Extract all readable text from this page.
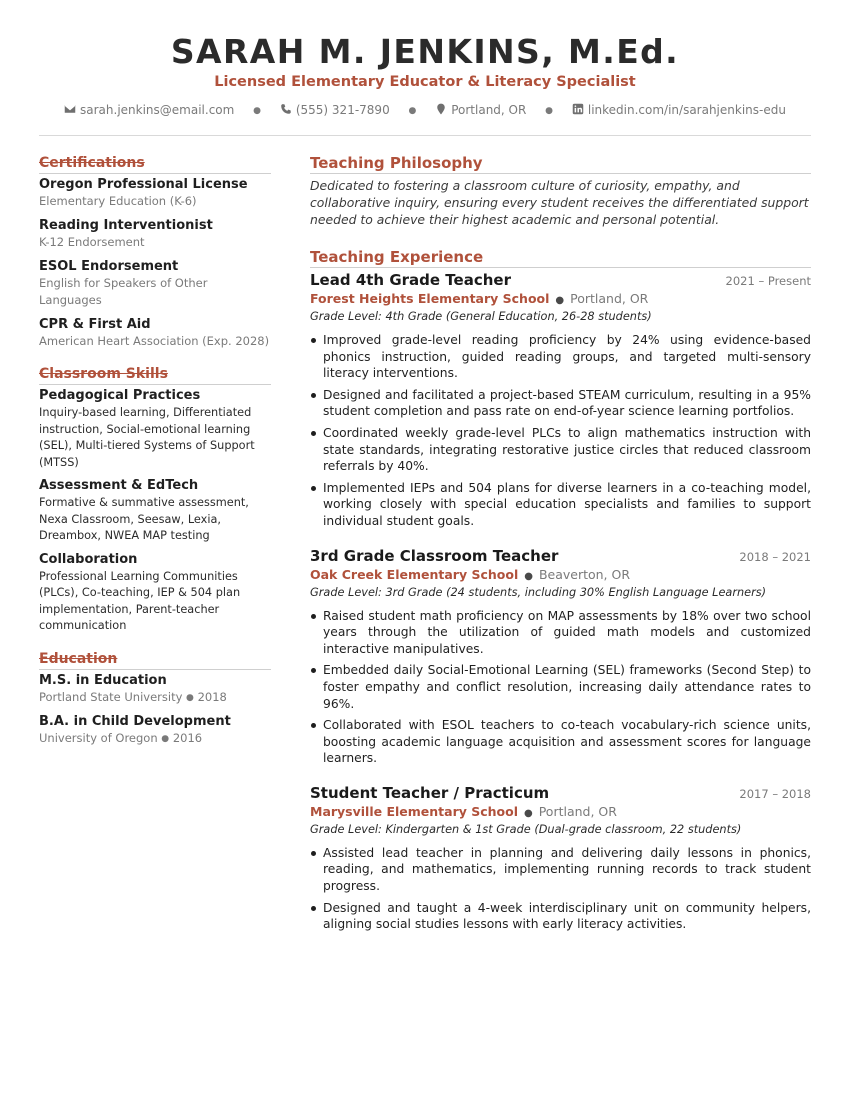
SARAH M. JENKINS, M.Ed.
Licensed Elementary Educator & Literacy Specialist
sarah.jenkins@email.com ●	(555) 321-7890 ●	Portland, OR ●	linkedin.com/in/sarahjenkins-edu
Certifications
Oregon Professional License
Elementary Education (K-6)
Reading Interventionist
K-12 Endorsement
ESOL Endorsement
English for Speakers of Other Languages
CPR & First Aid
American Heart Association (Exp. 2028)
Classroom Skills
Pedagogical Practices
Inquiry-based learning, Differentiated instruction, Social-emotional learning (SEL), Multi-tiered Systems of Support (MTSS)
Assessment & EdTech
Formative & summative assessment, Nexa Classroom, Seesaw, Lexia, Dreambox, NWEA MAP testing
Collaboration
Professional Learning Communities (PLCs), Co-teaching, IEP & 504 plan implementation, Parent-teacher communication
Education
M.S. in Education
Portland State University ● 2018
B.A. in Child Development
University of Oregon ● 2016
Teaching Philosophy
Dedicated to fostering a classroom culture of curiosity, empathy, and collaborative inquiry, ensuring every student receives the differentiated support needed to achieve their highest academic and personal potential.
Teaching Experience
Lead 4th Grade Teacher	2021 – Present
Forest Heights Elementary School ● Portland, OR
Grade Level: 4th Grade (General Education, 26-28 students)
Improved grade-level reading proficiency by 24% using evidence-based phonics instruction, guided reading groups, and targeted multi-sensory literacy interventions.
Designed and facilitated a project-based STEAM curriculum, resulting in a 95% student completion and pass rate on end-of-year science learning portfolios.
Coordinated weekly grade-level PLCs to align mathematics instruction with state standards, integrating restorative justice circles that reduced classroom referrals by 40%.
Implemented IEPs and 504 plans for diverse learners in a co-teaching model, working closely with special education specialists and families to support individual student goals.
3rd Grade Classroom Teacher	2018 – 2021
Oak Creek Elementary School ● Beaverton, OR
Grade Level: 3rd Grade (24 students, including 30% English Language Learners)
Raised student math proficiency on MAP assessments by 18% over two school years through the utilization of guided math models and customized interactive manipulatives.
Embedded daily Social-Emotional Learning (SEL) frameworks (Second Step) to foster empathy and conflict resolution, increasing daily attendance rates to 96%.
Collaborated with ESOL teachers to co-teach vocabulary-rich science units, boosting academic language acquisition and assessment scores for language learners.
Student Teacher / Practicum	2017 – 2018
Marysville Elementary School ● Portland, OR
Grade Level: Kindergarten & 1st Grade (Dual-grade classroom, 22 students)
Assisted lead teacher in planning and delivering daily lessons in phonics, reading, and mathematics, implementing running records to track student progress.
Designed and taught a 4-week interdisciplinary unit on community helpers, aligning social studies lessons with early literacy activities.
